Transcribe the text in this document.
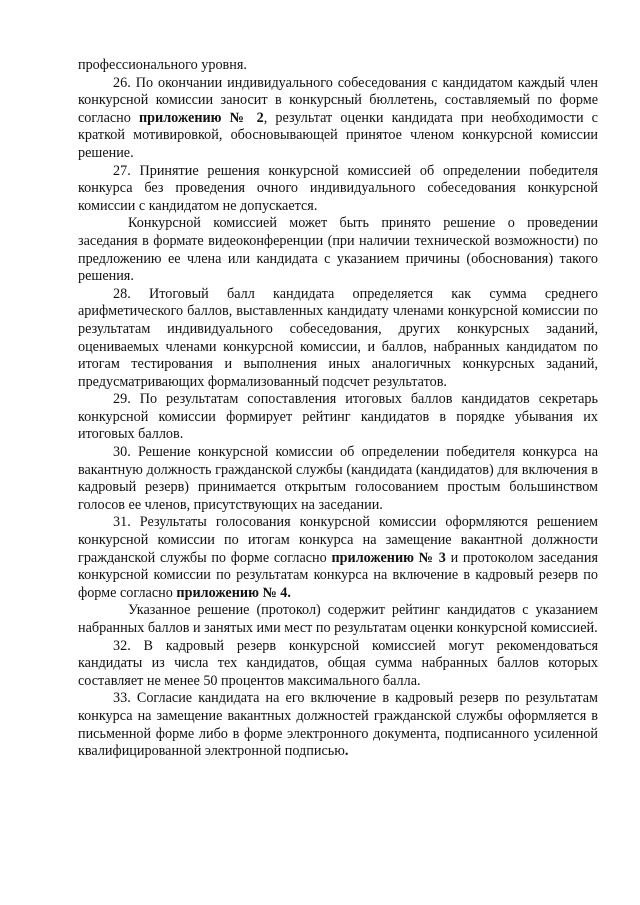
профессионального уровня.

26. По окончании индивидуального собеседования с кандидатом каждый член конкурсной комиссии заносит в конкурсный бюллетень, составляемый по форме согласно приложению № 2, результат оценки кандидата при необходимости с краткой мотивировкой, обосновывающей принятое членом конкурсной комиссии решение.

27. Принятие решения конкурсной комиссией об определении победителя конкурса без проведения очного индивидуального собеседования конкурсной комиссии с кандидатом не допускается.

Конкурсной комиссией может быть принято решение о проведении заседания в формате видеоконференции (при наличии технической возможности) по предложению ее члена или кандидата с указанием причины (обоснования) такого решения.

28. Итоговый балл кандидата определяется как сумма среднего арифметического баллов, выставленных кандидату членами конкурсной комиссии по результатам индивидуального собеседования, других конкурсных заданий, оцениваемых членами конкурсной комиссии, и баллов, набранных кандидатом по итогам тестирования и выполнения иных аналогичных конкурсных заданий, предусматривающих формализованный подсчет результатов.

29. По результатам сопоставления итоговых баллов кандидатов секретарь конкурсной комиссии формирует рейтинг кандидатов в порядке убывания их итоговых баллов.

30. Решение конкурсной комиссии об определении победителя конкурса на вакантную должность гражданской службы (кандидата (кандидатов) для включения в кадровый резерв) принимается открытым голосованием простым большинством голосов ее членов, присутствующих на заседании.

31. Результаты голосования конкурсной комиссии оформляются решением конкурсной комиссии по итогам конкурса на замещение вакантной должности гражданской службы по форме согласно приложению № 3 и протоколом заседания конкурсной комиссии по результатам конкурса на включение в кадровый резерв по форме согласно приложению № 4.

Указанное решение (протокол) содержит рейтинг кандидатов с указанием набранных баллов и занятых ими мест по результатам оценки конкурсной комиссией.

32. В кадровый резерв конкурсной комиссией могут рекомендоваться кандидаты из числа тех кандидатов, общая сумма набранных баллов которых составляет не менее 50 процентов максимального балла.

33. Согласие кандидата на его включение в кадровый резерв по результатам конкурса на замещение вакантных должностей гражданской службы оформляется в письменной форме либо в форме электронного документа, подписанного усиленной квалифицированной электронной подписью.
